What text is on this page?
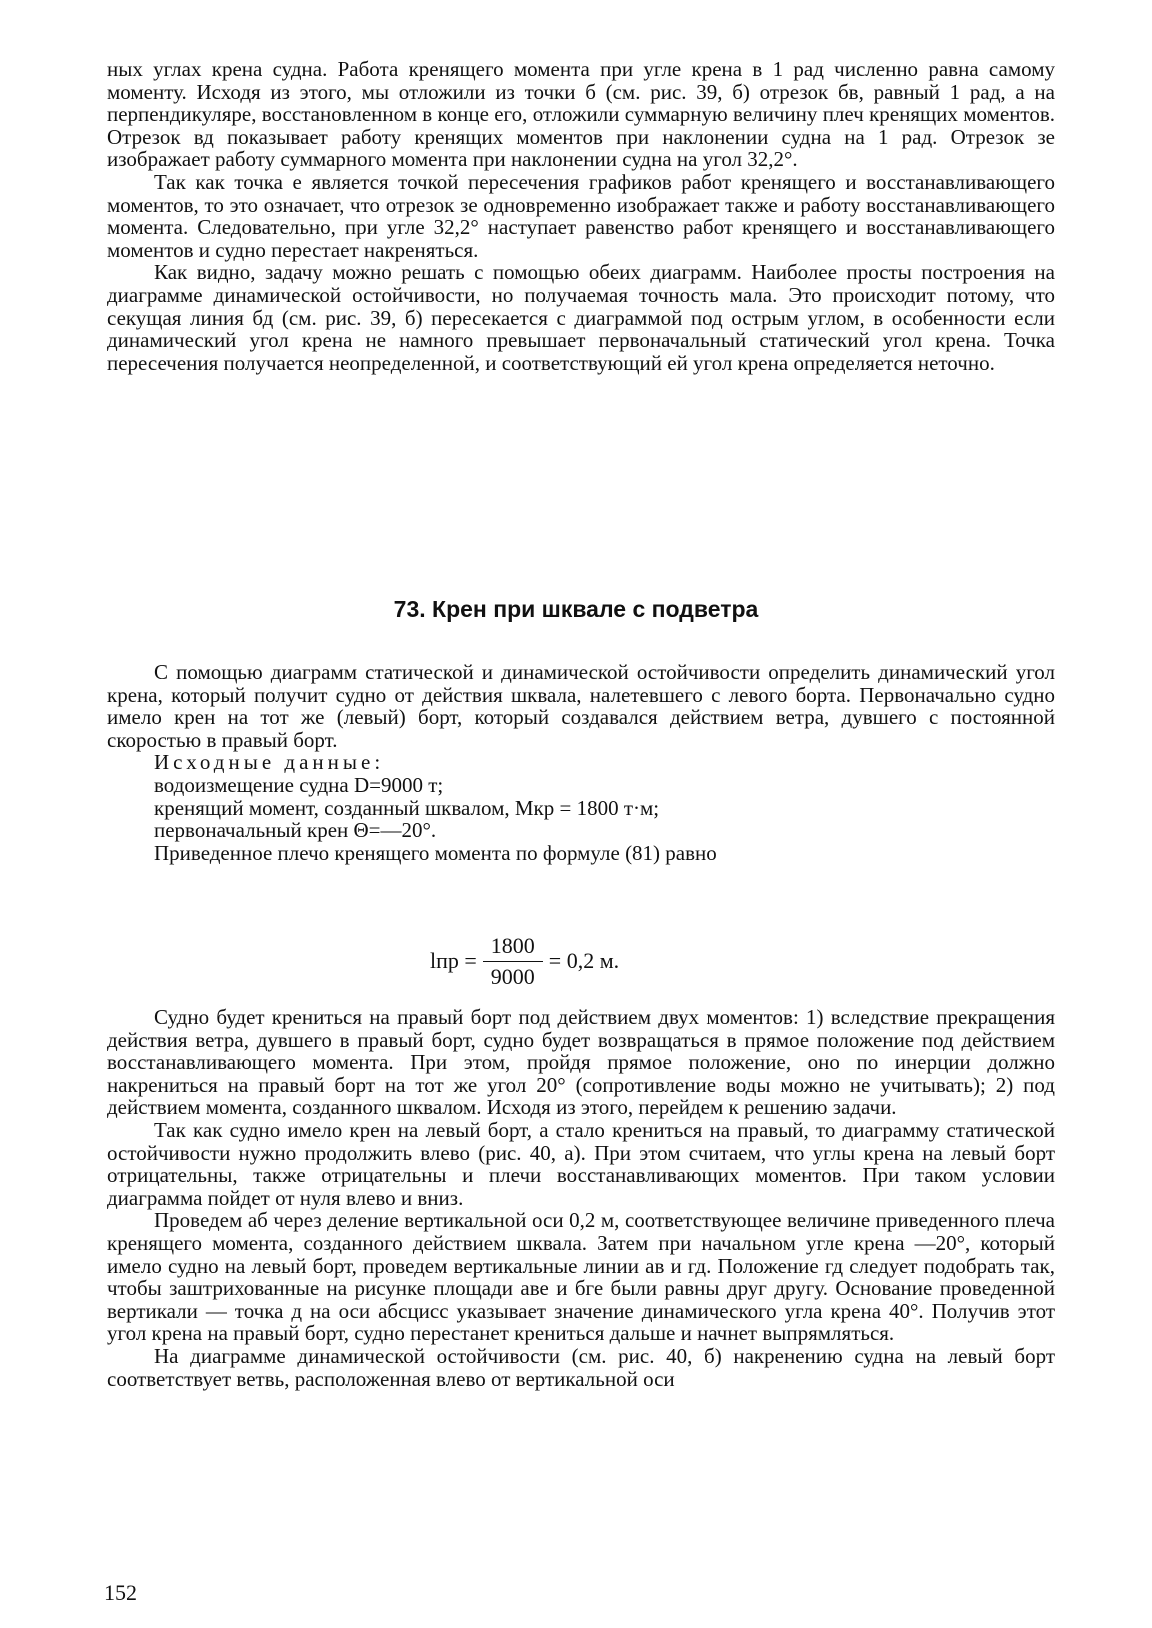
ных углах крена судна. Работа кренящего момента при угле крена в 1 рад численно равна самому моменту. Исходя из этого, мы отложили из точки б (см. рис. 39, б) отрезок бв, равный 1 рад, а на перпендикуляре, восстановленном в конце его, отложили суммарную величину плеч кренящих моментов. Отрезок вд показывает работу кренящих моментов при наклонении судна на 1 рад. Отрезок зе изображает работу суммарного момента при наклонении судна на угол 32,2°.

Так как точка е является точкой пересечения графиков работ кренящего и восстанавливающего моментов, то это означает, что отрезок зе одновременно изображает также и работу восстанавливающего момента. Следовательно, при угле 32,2° наступает равенство работ кренящего и восстанавливающего моментов и судно перестает накреняться.

Как видно, задачу можно решать с помощью обеих диаграмм. Наиболее просты построения на диаграмме динамической остойчивости, но получаемая точность мала. Это происходит потому, что секущая линия бд (см. рис. 39, б) пересекается с диаграммой под острым углом, в особенности если динамический угол крена не намного превышает первоначальный статический угол крена. Точка пересечения получается неопределенной, и соответствующий ей угол крена определяется неточно.

73. Крен при шквале с подветра

С помощью диаграмм статической и динамической остойчивости определить динамический угол крена, который получит судно от действия шквала, налетевшего с левого борта. Первоначально судно имело крен на тот же (левый) борт, который создавался действием ветра, дувшего с постоянной скоростью в правый борт.

Исходные данные:
водоизмещение судна D=9000 т;
кренящий момент, созданный шквалом, Мкр = 1800 т·м;
первоначальный крен Θ=—20°.
Приведенное плечо кренящего момента по формуле (81) равно
lпр = $\frac{1800}{9000} = 0,2$ м.

Судно будет крениться на правый борт под действием двух моментов: 1) вследствие прекращения действия ветра, дувшего в правый борт, судно будет возвращаться в прямое положение под действием восстанавливающего момента. При этом, пройдя прямое положение, оно по инерции должно накрениться на правый борт на тот же угол 20° (сопротивление воды можно не учитывать); 2) под действием момента, созданного шквалом. Исходя из этого, перейдем к решению задачи.

Так как судно имело крен на левый борт, а стало крениться на правый, то диаграмму статической остойчивости нужно продолжить влево (рис. 40, а). При этом считаем, что углы крена на левый борт отрицательны, также отрицательны и плечи восстанавливающих моментов. При таком условии диаграмма пойдет от нуля влево и вниз.

Проведем аб через деление вертикальной оси 0,2 м, соответствующее величине приведенного плеча кренящего момента, созданного действием шквала. Затем при начальном угле крена —20°, который имело судно на левый борт, проведем вертикальные линии ав и гд. Положение гд следует подобрать так, чтобы заштрихованные на рисунке площади аве и бге были равны друг другу. Основание проведенной вертикали — точка д на оси абсцисс указывает значение динамического угла крена 40°. Получив этот угол крена на правый борт, судно перестанет крениться дальше и начнет выпрямляться.

На диаграмме динамической остойчивости (см. рис. 40, б) накренению судна на левый борт соответствует ветвь, расположенная влево от вертикальной оси

152
